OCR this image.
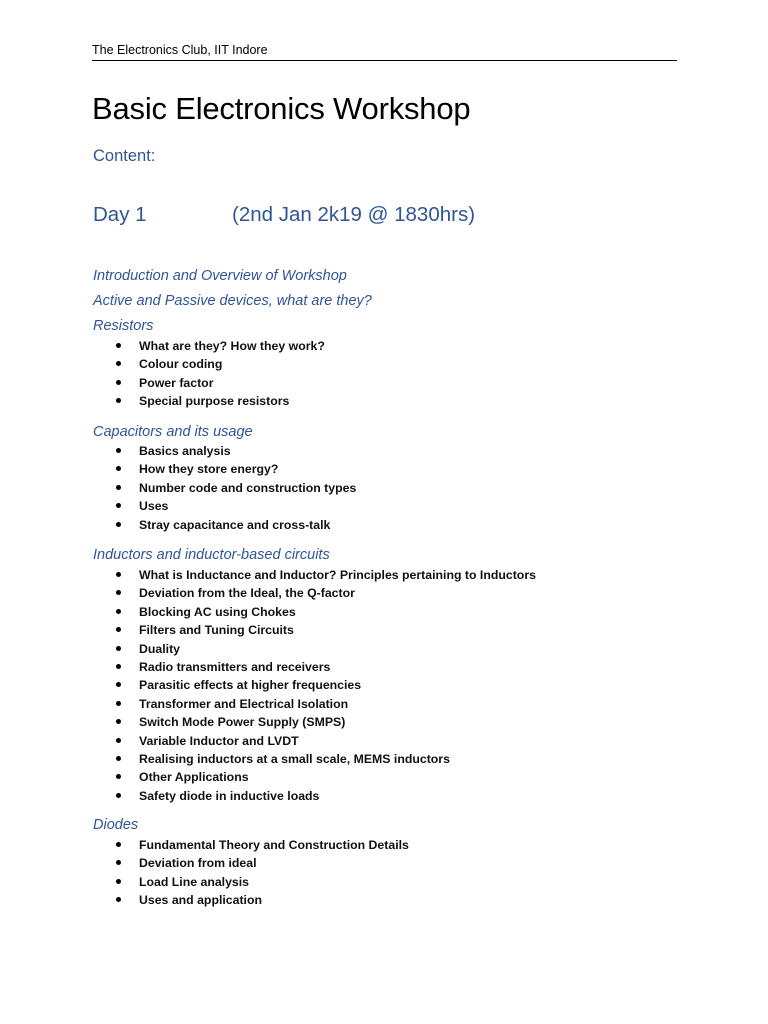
The Electronics Club, IIT Indore
Basic Electronics Workshop
Content:
Day 1	(2nd Jan 2k19 @ 1830hrs)
Introduction and Overview of Workshop
Active and Passive devices, what are they?
Resistors
What are they? How they work?
Colour coding
Power factor
Special purpose resistors
Capacitors and its usage
Basics analysis
How they store energy?
Number code and construction types
Uses
Stray capacitance and cross-talk
Inductors and inductor-based circuits
What is Inductance and Inductor? Principles pertaining to Inductors
Deviation from the Ideal, the Q-factor
Blocking AC using Chokes
Filters and Tuning Circuits
Duality
Radio transmitters and receivers
Parasitic effects at higher frequencies
Transformer and Electrical Isolation
Switch Mode Power Supply (SMPS)
Variable Inductor and LVDT
Realising inductors at a small scale, MEMS inductors
Other Applications
Safety diode in inductive loads
Diodes
Fundamental Theory and Construction Details
Deviation from ideal
Load Line analysis
Uses and application
